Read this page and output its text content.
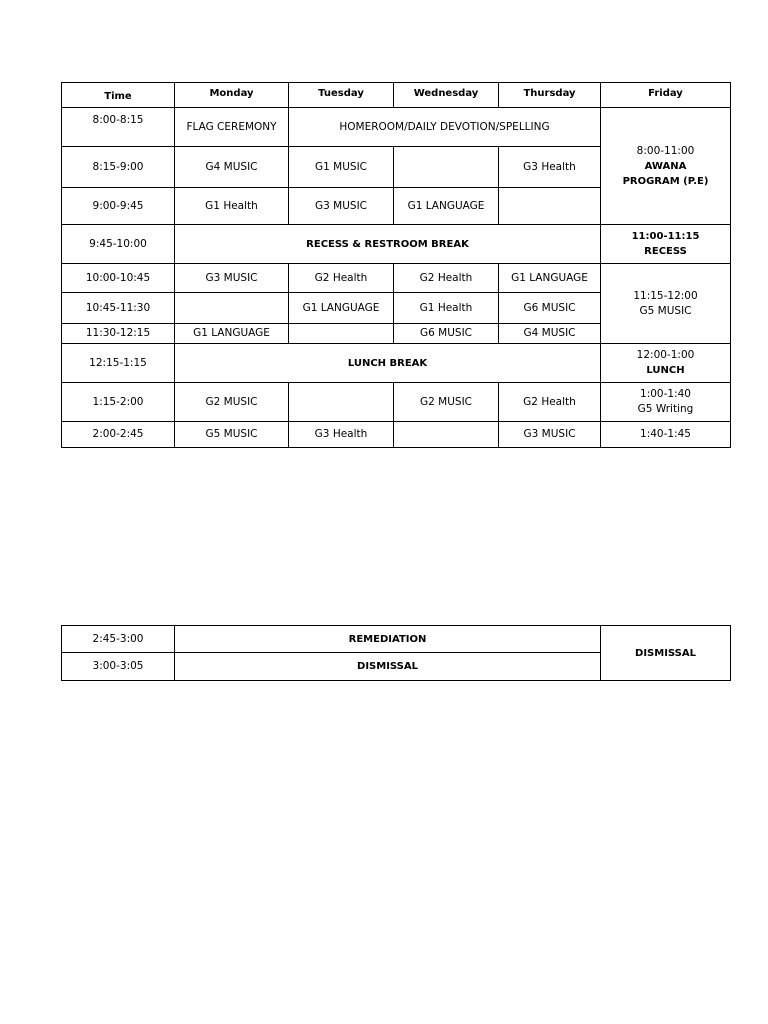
Time	Monday	Tuesday	Wednesday	Thursday	Friday
8:00-8:15	FLAG CEREMONY	HOMEROOM/DAILY DEVOTION/SPELLING			8:00-11:00
AWANA
PROGRAM (P.E)

8:15-9:00	G4 MUSIC	G1 MUSIC		G3 Health	
9:00-9:45	G1 Health	G3 MUSIC	G1 LANGUAGE		
9:45-10:00	RECESS & RESTROOM BREAK				11:00-11:15
RECESS

10:00-10:45	G3 MUSIC	G2 Health	G2 Health	G1 LANGUAGE	11:15-12:00
G5 MUSIC

10:45-11:30		G1 LANGUAGE	G1 Health	G6 MUSIC	
11:30-12:15	G1 LANGUAGE		G6 MUSIC	G4 MUSIC	
12:15-1:15	LUNCH BREAK				12:00-1:00
LUNCH

1:15-2:00	G2 MUSIC		G2 MUSIC	G2 Health	1:00-1:40
G5 Writing

2:00-2:45	G5 MUSIC	G3 Health		G3 MUSIC	1:40-1:45
2:45-3:00	REMEDIATION	DISMISSAL
3:00-3:05	DISMISSAL	
